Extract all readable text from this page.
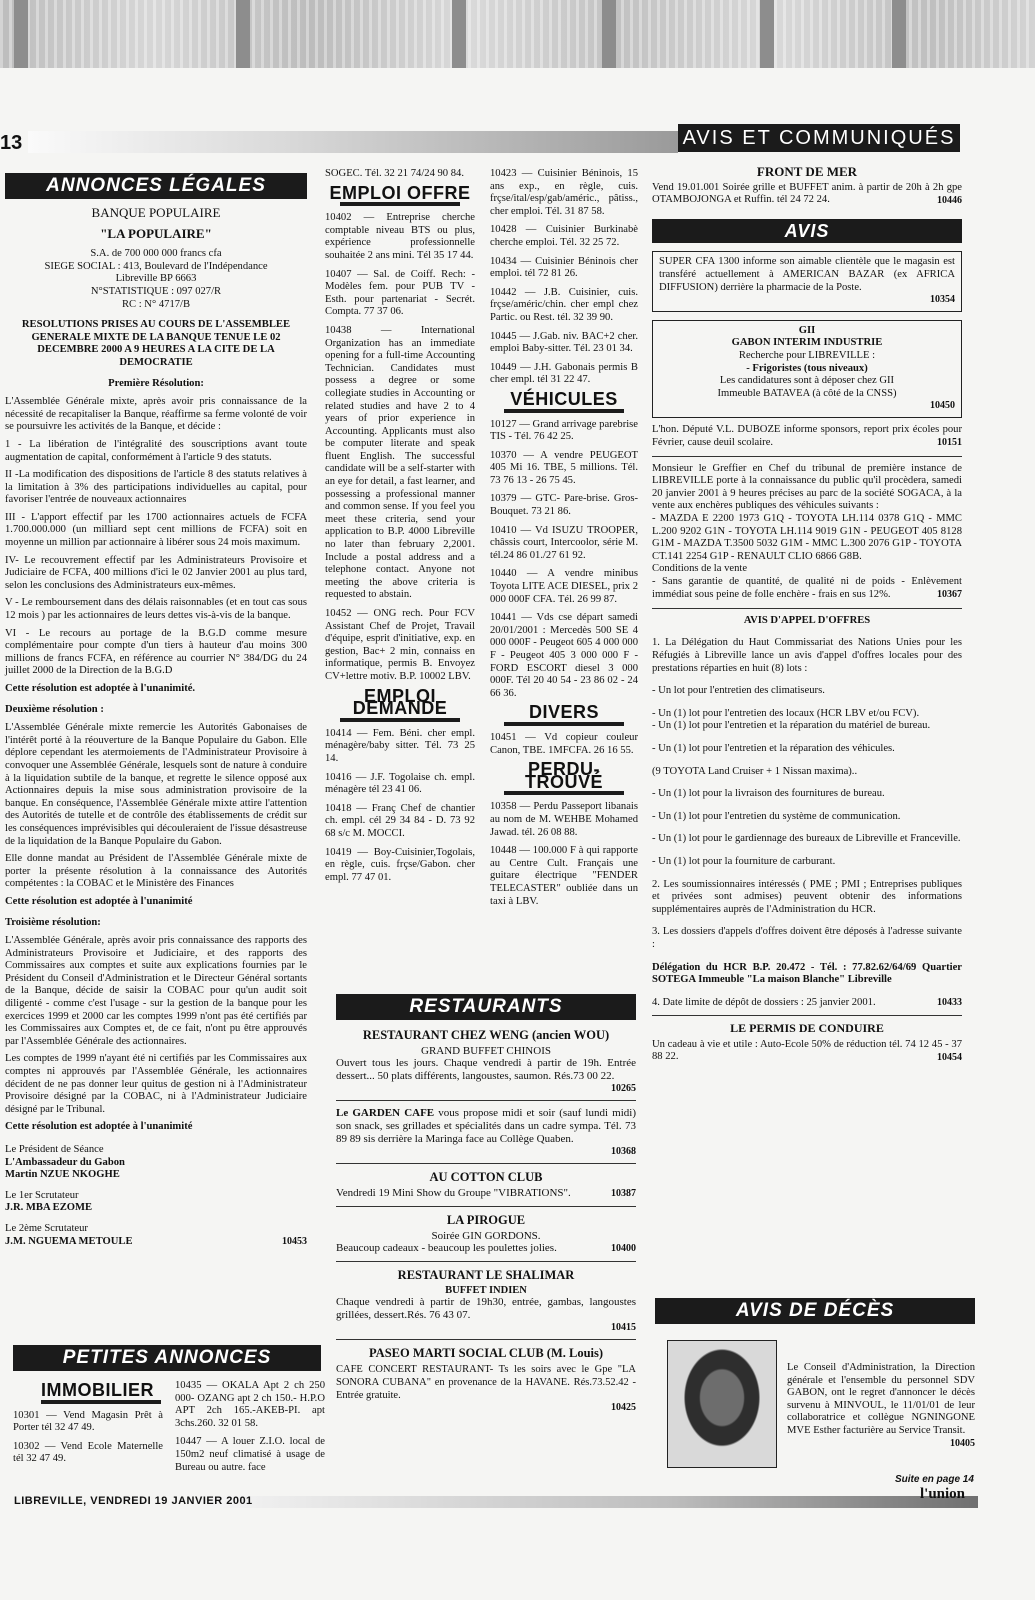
13	AVIS ET COMMUNIQUÉS
ANNONCES LÉGALES
BANQUE POPULAIRE
"LA POPULAIRE"
S.A. de 700 000 000 francs cfa
SIEGE SOCIAL : 413, Boulevard de l'Indépendance
Libreville BP 6663
N°STATISTIQUE : 097 027/R
RC : N° 4717/B
RESOLUTIONS PRISES AU COURS DE L'ASSEMBLEE GENERALE MIXTE DE LA BANQUE TENUE LE 02 DECEMBRE 2000 A 9 HEURES A LA CITE DE LA DEMOCRATIE
Première Résolution:

L'Assemblée Générale mixte, après avoir pris connaissance de la nécessité de recapitaliser la Banque, réaffirme sa ferme volonté de voir se poursuivre les activités de la Banque, et décide :

1 - La libération de l'intégralité des souscriptions avant toute augmentation de capital, conformément à l'article 9 des statuts.

II -La modification des dispositions de l'article 8 des statuts relatives à la limitation à 3% des participations individuelles au capital, pour favoriser l'entrée de nouveaux actionnaires

III - L'apport effectif par les 1700 actionnaires actuels de FCFA 1.700.000.000 (un milliard sept cent millions de FCFA) soit en moyenne un million par actionnaire à libérer sous 24 mois maximum.

IV- Le recouvrement effectif par les Administrateurs Provisoire et Judiciaire de FCFA, 400 millions d'ici le 02 Janvier 2001 au plus tard, selon les conclusions des Administrateurs eux-mêmes.

V - Le remboursement dans des délais raisonnables (et en tout cas sous 12 mois ) par les actionnaires de leurs dettes vis-à-vis de la banque.

VI - Le recours au portage de la B.G.D comme mesure complémentaire pour compte d'un tiers à hauteur d'au moins 300 millions de francs FCFA, en référence au courrier N° 384/DG du 24 juillet 2000 de la Direction de la B.G.D

Cette résolution est adoptée à l'unanimité.
Deuxième résolution :

L'Assemblée Générale mixte remercie les Autorités Gabonaises de l'intérêt porté à la réouverture de la Banque Populaire du Gabon. Elle déplore cependant les atermoiements de l'Administrateur Provisoire à convoquer une Assemblée Générale, lesquels sont de nature à conduire à la liquidation subtile de la banque, et regrette le silence opposé aux Actionnaires depuis la mise sous administration provisoire de la banque. En conséquence, l'Assemblée Générale mixte attire l'attention des Autorités de tutelle et de contrôle des établissements de crédit sur les conséquences imprévisibles qui découleraient de l'issue désastreuse de la liquidation de la Banque Populaire du Gabon.

Elle donne mandat au Président de l'Assemblée Générale mixte de porter la présente résolution à la connaissance des Autorités compétentes : la COBAC et le Ministère des Finances

Cette résolution est adoptée à l'unanimité
Troisième résolution:

L'Assemblée Générale, après avoir pris connaissance des rapports des Administrateurs Provisoire et Judiciaire, et des rapports des Commissaires aux comptes et suite aux explications fournies par le Président du Conseil d'Administration et le Directeur Général sortants de la Banque, décide de saisir la COBAC pour qu'un audit soit diligenté - comme c'est l'usage - sur la gestion de la banque pour les exercices 1999 et 2000 car les comptes 1999 n'ont pas été certifiés par les Commissaires aux Comptes et, de ce fait, n'ont pu être approuvés par l'Assemblée Générale des actionnaires.

Les comptes de 1999 n'ayant été ni certifiés par les Commissaires aux comptes ni approuvés par l'Assemblée Générale, les actionnaires décident de ne pas donner leur quitus de gestion ni à l'Administrateur Provisoire désigné par la COBAC, ni à l'Administrateur Judiciaire désigné par le Tribunal.

Cette résolution est adoptée à l'unanimité
Le Président de Séance
L'Ambassadeur du Gabon
Martin NZUE NKOGHE
Le 1er Scrutateur
J.R. MBA EZOME
Le 2ème Scrutateur
J.M. NGUEMA METOULE	10453
PETITES ANNONCES
IMMOBILIER
10301 — Vend Magasin Prêt à Porter tél 32 47 49.
10302 — Vend Ecole Maternelle tél 32 47 49.
10435 — OKALA Apt 2 ch 250 000- OZANG apt 2 ch 150.- H.P.O APT 2ch 165.-AKEB-PI. apt 3chs.260. 32 01 58.
10447 — A louer Z.I.O. local de 150m2 neuf climatisé à usage de Bureau ou autre. face
SOGEC. Tél. 32 21 74/24 90 84.
EMPLOI OFFRE
10402 — Entreprise cherche comptable niveau BTS ou plus, expérience professionnelle souhaitée 2 ans mini. Tél 35 17 44.
10407 — Sal. de Coiff. Rech: - Modèles fem. pour PUB TV - Esth. pour partenariat - Secrét. Compta. 77 37 06.
10438 — International Organization has an immediate opening for a full-time Accounting Technician. Candidates must possess a degree or some collegiate studies in Accounting or related studies and have 2 to 4 years of prior experience in Accounting. Applicants must also be computer literate and speak fluent English. The successful candidate will be a self-starter with an eye for detail, a fast learner, and possessing a professional manner and common sense. If you feel you meet these criteria, send your application to B.P. 4000 Libreville no later than february 2,2001. Include a postal address and a telephone contact. Anyone not meeting the above criteria is requested to abstain.
10452 — ONG rech. Pour FCV Assistant Chef de Projet, Travail d'équipe, esprit d'initiative, exp. en gestion, Bac+ 2 min, connaiss en informatique, permis B. Envoyez CV+lettre motiv. B.P. 10002 LBV.
EMPLOI DEMANDE
10414 — Fem. Béni. cher empl. ménagère/baby sitter. Tél. 73 25 14.
10416 — J.F. Togolaise ch. empl. ménagère tél 23 41 06.
10418 — Franç Chef de chantier ch. empl. cél 29 34 84 - D. 73 92 68 s/c M. MOCCI.
10419 — Boy-Cuisinier,Togolais, en règle, cuis. frçse/Gabon. cher empl. 77 47 01.
10423 — Cuisinier Béninois, 15 ans exp., en règle, cuis. frçse/ital/esp/gab/améric., pâtiss., cher emploi. Tél. 31 87 58.
10428 — Cuisinier Burkinabè cherche emploi. Tél. 32 25 72.
10434 — Cuisinier Béninois cher emploi. tél 72 81 26.
10442 — J.B. Cuisinier, cuis. frçse/améric/chin. cher empl chez Partic. ou Rest. tél. 32 39 90.
10445 — J.Gab. niv. BAC+2 cher. emploi Baby-sitter. Tél. 23 01 34.
10449 — J.H. Gabonais permis B cher empl. tél 31 22 47.
VÉHICULES
10127 — Grand arrivage parebrise TIS - Tél. 76 42 25.
10370 — A vendre PEUGEOT 405 Mi 16. TBE, 5 millions. Tél. 73 76 13 - 26 75 45.
10379 — GTC- Pare-brise. Gros-Bouquet. 73 21 86.
10410 — Vd ISUZU TROOPER, châssis court, Intercoolor, série M. tél.24 86 01./27 61 92.
10440 — A vendre minibus Toyota LITE ACE DIESEL, prix 2 000 000F CFA. Tél. 26 99 87.
10441 — Vds cse départ samedi 20/01/2001 : Mercedès 500 SE 4 000 000F - Peugeot 605 4 000 000 F - Peugeot 405 3 000 000 F - FORD ESCORT diesel 3 000 000F. Tél 20 40 54 - 23 86 02 - 24 66 36.
DIVERS
10451 — Vd copieur couleur Canon, TBE. 1MFCFA. 26 16 55.
PERDU-TROUVÉ
10358 — Perdu Passeport libanais au nom de M. WEHBE Mohamed Jawad. tél. 26 08 88.
10448 — 100.000 F à qui rapporte au Centre Cult. Français une guitare électrique "FENDER TELECASTER" oubliée dans un taxi à LBV.
RESTAURANTS
RESTAURANT CHEZ WENG (ancien WOU)
GRAND BUFFET CHINOIS
Ouvert tous les jours. Chaque vendredi à partir de 19h. Entrée dessert... 50 plats différents, langoustes, saumon. Rés.73 00 22.
10265
Le GARDEN CAFE vous propose midi et soir (sauf lundi midi) son snack, ses grillades et spécialités dans un cadre sympa. Tél. 73 89 89 sis derrière la Maringa face au Collège Quaben.
10368
AU COTTON CLUB
Vendredi 19 Mini Show du Groupe "VIBRATIONS".	10387
LA PIROGUE
Soirée GIN GORDONS.
Beaucoup cadeaux - beaucoup les poulettes jolies.	10400
RESTAURANT LE SHALIMAR
BUFFET INDIEN
Chaque vendredi à partir de 19h30, entrée, gambas, langoustes grillées, dessert.Rés. 76 43 07.
10415
PASEO MARTI SOCIAL CLUB (M. Louis)
CAFE CONCERT RESTAURANT- Ts les soirs avec le Gpe "LA SONORA CUBANA" en provenance de la HAVANE. Rés.73.52.42 - Entrée gratuite.
10425
FRONT DE MER
Vend 19.01.001 Soirée grille et BUFFET anim. à partir de 20h à 2h gpe OTAMBOJONGA et Ruffin. tél 24 72 24.	10446
AVIS
SUPER CFA 1300 informe son aimable clientèle que le magasin est transféré actuellement à AMERICAN BAZAR (ex AFRICA DIFFUSION) derrière la pharmacie de la Poste.
10354
GII
GABON INTERIM INDUSTRIE
Recherche pour LIBREVILLE :
- Frigoristes (tous niveaux)
Les candidatures sont à déposer chez GII
Immeuble BATAVEA (à côté de la CNSS)
10450
L'hon. Député V.L. DUBOZE informe sponsors, report prix écoles pour Février, cause deuil scolaire.	10151
Monsieur le Greffier en Chef du tribunal de première instance de LIBREVILLE porte à la connaissance du public qu'il procèdera, samedi 20 janvier 2001 à 9 heures précises au parc de la société SOGACA, à la vente aux enchères publiques des véhicules suivants :
- MAZDA E 2200 1973 G1Q - TOYOTA LH.114 0378 G1Q - MMC L.200 9202 G1N - TOYOTA LH.114 9019 G1N - PEUGEOT 405 8128 G1M - MAZDA T.3500 5032 G1M - MMC L.300 2076 G1P - TOYOTA CT.141 2254 G1P - RENAULT CLIO 6866 G8B.
Conditions de la vente
- Sans garantie de quantité, de qualité ni de poids - Enlèvement immédiat sous peine de folle enchère - frais en sus 12%.	10367
AVIS D'APPEL D'OFFRES
1. La Délégation du Haut Commissariat des Nations Unies pour les Réfugiés à Libreville lance un avis d'appel d'offres locales pour des prestations réparties en huit (8) lots :
- Un lot pour l'entretien des climatiseurs.
- Un (1) lot pour l'entretien des locaux (HCR LBV et/ou FCV).
- Un (1) lot pour l'entretien et la réparation du matériel de bureau.
- Un (1) lot pour l'entretien et la réparation des véhicules.
(9 TOYOTA Land Cruiser + 1 Nissan maxima)..
- Un (1) lot pour la livraison des fournitures de bureau.
- Un (1) lot pour l'entretien du système de communication.
- Un (1) lot pour le gardiennage des bureaux de Libreville et Franceville.
- Un (1) lot pour la fourniture de carburant.
2. Les soumissionnaires intéressés ( PME ; PMI ; Entreprises publiques et privées sont admises) peuvent obtenir des informations supplémentaires auprès de l'Administration du HCR.
3. Les dossiers d'appels d'offres doivent être déposés à l'adresse suivante :
Délégation du HCR B.P. 20.472 - Tél. : 77.82.62/64/69 Quartier SOTEGA Immeuble "La maison Blanche" Libreville
4. Date limite de dépôt de dossiers : 25 janvier 2001.	10433
LE PERMIS DE CONDUIRE
Un cadeau à vie et utile : Auto-Ecole 50% de réduction tél. 74 12 45 - 37 88 22.	10454
AVIS DE DÉCÈS
Le Conseil d'Administration, la Direction générale et l'ensemble du personnel SDV GABON, ont le regret d'annoncer le décès survenu à MINVOUL, le 11/01/01 de leur collaboratrice et collègue NGNINGONE MVE Esther facturière au Service Transit.
10405
Suite en page 14
LIBREVILLE, VENDREDI 19 JANVIER 2001	l'union
